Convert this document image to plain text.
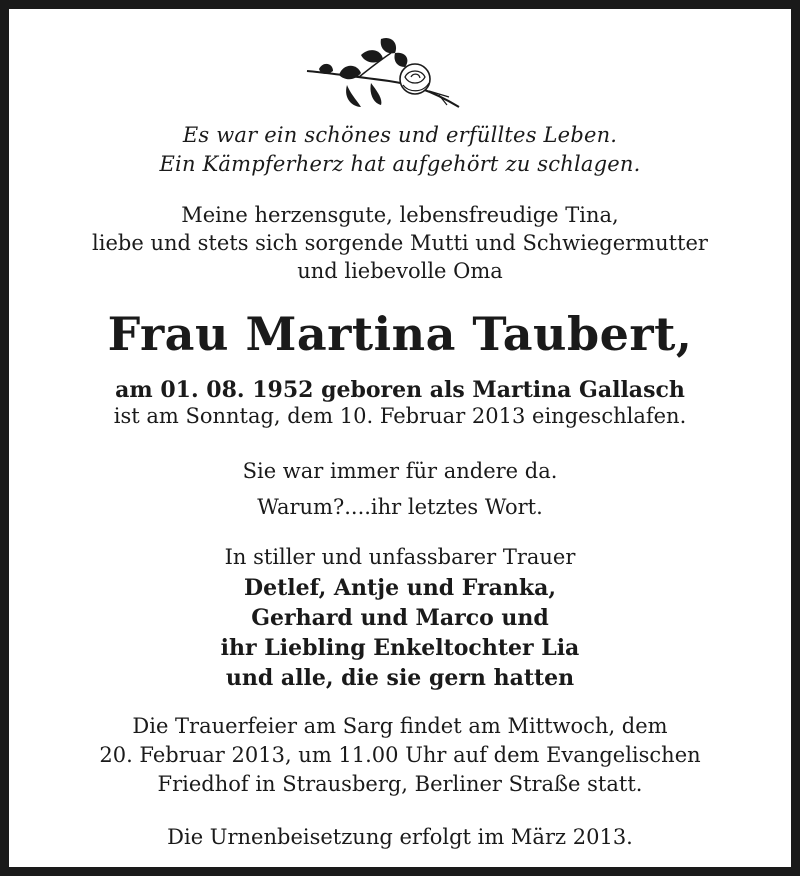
Es war ein schönes und erfülltes Leben.
Ein Kämpferherz hat aufgehört zu schlagen.
Meine herzensgute, lebensfreudige Tina,
liebe und stets sich sorgende Mutti und Schwiegermutter
und liebevolle Oma
Frau Martina Taubert,
am 01. 08. 1952 geboren als Martina Gallasch
ist am Sonntag, dem 10. Februar 2013 eingeschlafen.
Sie war immer für andere da.
Warum?....ihr letztes Wort.
In stiller und unfassbarer Trauer
Detlef, Antje und Franka,
Gerhard und Marco und
ihr Liebling Enkeltochter Lia
und alle, die sie gern hatten
Die Trauerfeier am Sarg findet am Mittwoch, dem
20. Februar 2013, um 11.00 Uhr auf dem Evangelischen
Friedhof in Strausberg, Berliner Straße statt.
Die Urnenbeisetzung erfolgt im März 2013.
